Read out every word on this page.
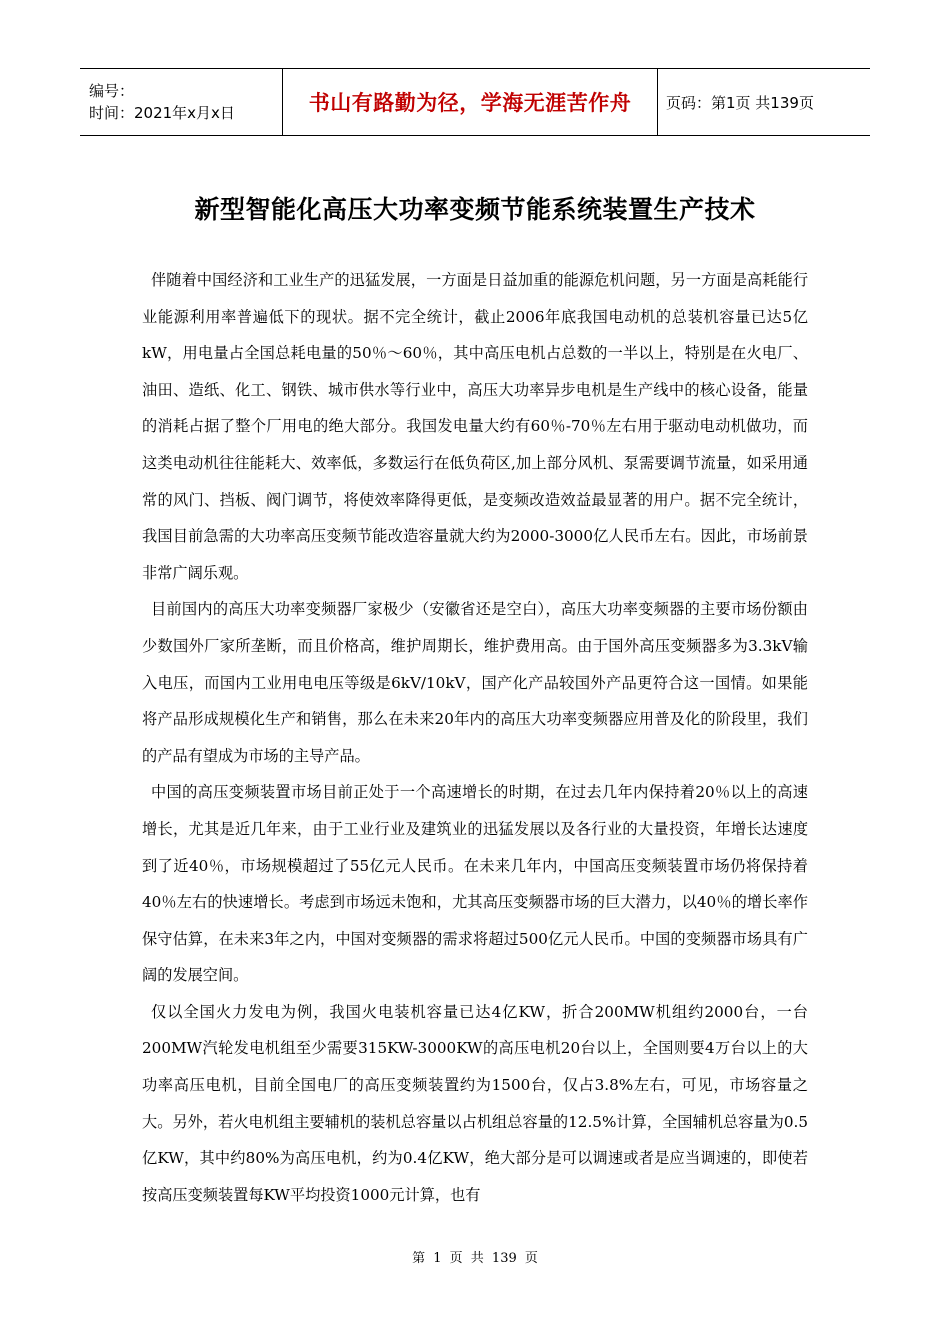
编号：
时间：2021年x月x日	书山有路勤为径，学海无涯苦作舟	页码：第1页 共139页
新型智能化高压大功率变频节能系统装置生产技术

伴随着中国经济和工业生产的迅猛发展，一方面是日益加重的能源危机问题，另一方面是高耗能行业能源利用率普遍低下的现状。据不完全统计，截止2006年底我国电动机的总装机容量已达5亿kW，用电量占全国总耗电量的50％～60％，其中高压电机占总数的一半以上，特别是在火电厂、油田、造纸、化工、钢铁、城市供水等行业中，高压大功率异步电机是生产线中的核心设备，能量的消耗占据了整个厂用电的绝大部分。我国发电量大约有60％-70％左右用于驱动电动机做功，而这类电动机往往能耗大、效率低，多数运行在低负荷区,加上部分风机、泵需要调节流量，如采用通常的风门、挡板、阀门调节，将使效率降得更低，是变频改造效益最显著的用户。据不完全统计，我国目前急需的大功率高压变频节能改造容量就大约为2000-3000亿人民币左右。因此，市场前景非常广阔乐观。

目前国内的高压大功率变频器厂家极少（安徽省还是空白），高压大功率变频器的主要市场份额由少数国外厂家所垄断，而且价格高，维护周期长，维护费用高。由于国外高压变频器多为3.3kV输入电压，而国内工业用电电压等级是6kV/10kV，国产化产品较国外产品更符合这一国情。如果能将产品形成规模化生产和销售，那么在未来20年内的高压大功率变频器应用普及化的阶段里，我们的产品有望成为市场的主导产品。

中国的高压变频装置市场目前正处于一个高速增长的时期，在过去几年内保持着20％以上的高速增长，尤其是近几年来，由于工业行业及建筑业的迅猛发展以及各行业的大量投资，年增长达速度到了近40％，市场规模超过了55亿元人民币。在未来几年内，中国高压变频装置市场仍将保持着40％左右的快速增长。考虑到市场远未饱和，尤其高压变频器市场的巨大潜力，以40％的增长率作保守估算，在未来3年之内，中国对变频器的需求将超过500亿元人民币。中国的变频器市场具有广阔的发展空间。

仅以全国火力发电为例，我国火电装机容量已达4亿KW，折合200MW机组约2000台，一台200MW汽轮发电机组至少需要315KW-3000KW的高压电机20台以上，全国则要4万台以上的大功率高压电机，目前全国电厂的高压变频装置约为1500台，仅占3.8%左右，可见，市场容量之大。另外，若火电机组主要辅机的装机总容量以占机组总容量的12.5%计算，全国辅机总容量为0.5亿KW，其中约80%为高压电机，约为0.4亿KW，绝大部分是可以调速或者是应当调速的，即使若按高压变频装置每KW平均投资1000元计算，也有

第 1 页 共 139 页
